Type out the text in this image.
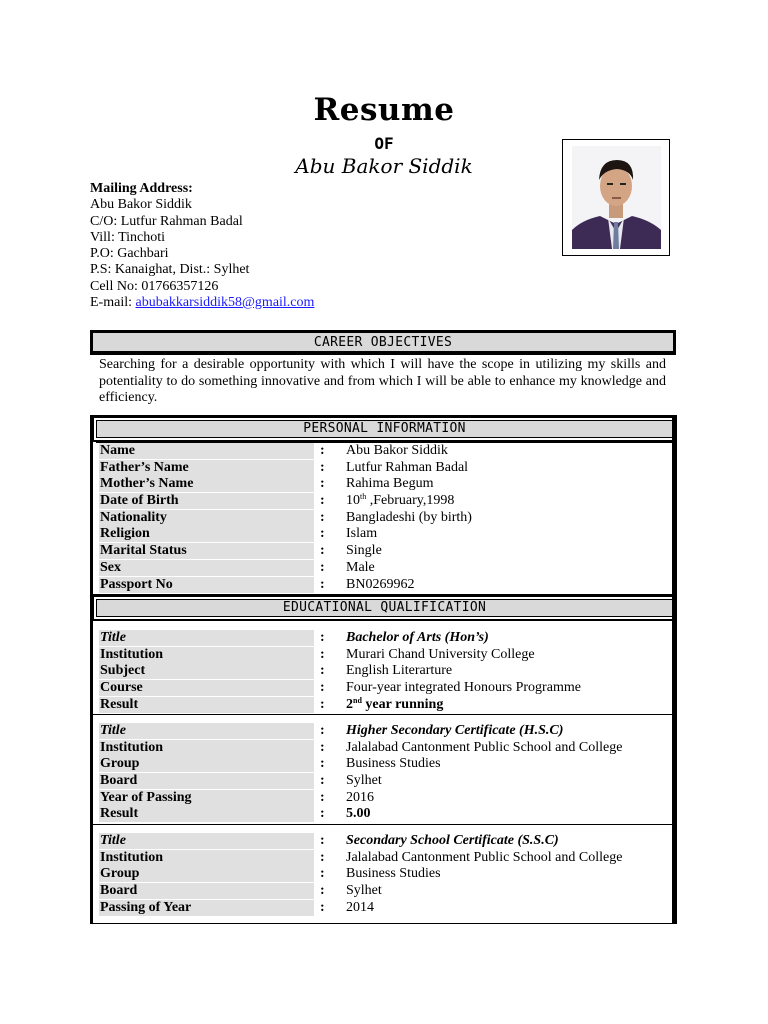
Resume
OF
Abu Bakor Siddik
Mailing Address:
Abu Bakor Siddik
C/O: Lutfur Rahman Badal
Vill: Tinchoti
P.O: Gachbari
P.S: Kanaighat, Dist.: Sylhet
Cell No: 01766357126
E-mail: abubakkarsiddik58@gmail.com
CAREER OBJECTIVES
Searching for a desirable opportunity with which I will have the scope in utilizing my skills and potentiality to do something innovative and from which I will be able to enhance my knowledge and efficiency.
PERSONAL INFORMATION
Name	: Abu Bakor Siddik
Father’s Name	: Lutfur Rahman Badal
Mother’s Name	: Rahima Begum
Date of Birth	: 10th ,February,1998
Nationality	: Bangladeshi (by birth)
Religion	: Islam
Marital Status	: Single
Sex	: Male
Passport No	: BN0269962
EDUCATIONAL QUALIFICATION
Title	: Bachelor of Arts (Hon’s)
Institution	: Murari Chand University College
Subject	: English Literarture
Course	: Four-year integrated Honours Programme
Result	: 2nd year running
Title	: Higher Secondary Certificate (H.S.C)
Institution	: Jalalabad Cantonment Public School and College
Group	: Business Studies
Board	: Sylhet
Year of Passing	: 2016
Result	: 5.00
Title	: Secondary School Certificate (S.S.C)
Institution	: Jalalabad Cantonment Public School and College
Group	: Business Studies
Board	: Sylhet
Passing of Year	: 2014
